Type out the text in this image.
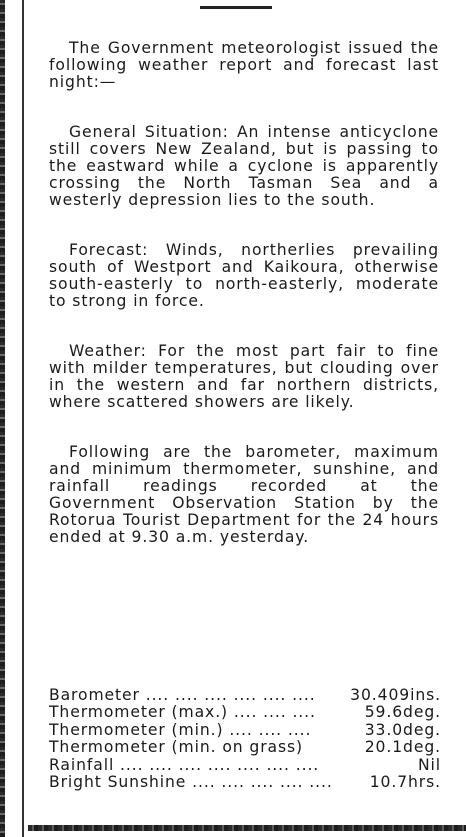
The Government meteorologist issued the following weather report and forecast last night:—

General Situation: An intense anticyclone still covers New Zealand, but is passing to the eastward while a cyclone is apparently crossing the North Tasman Sea and a westerly depression lies to the south.

Forecast: Winds, northerlies prevailing south of Westport and Kaikoura, otherwise south-easterly to north-easterly, moderate to strong in force.

Weather: For the most part fair to fine with milder temperatures, but clouding over in the western and far northern districts, where scattered showers are likely.

Following are the barometer, maximum and minimum thermometer, sunshine, and rainfall readings recorded at the Government Observation Station by the Rotorua Tourist Department for the 24 hours ended at 9.30 a.m. yesterday.

Barometer .... .... .... .... .... ....	30.409ins.
Thermometer (max.) .... .... ....	59.6deg.
Thermometer (min.) .... .... ....	33.0deg.
Thermometer (min. on grass)	20.1deg.
Rainfall .... .... .... .... .... .... ....	Nil
Bright Sunshine .... .... .... .... ....	10.7hrs.
